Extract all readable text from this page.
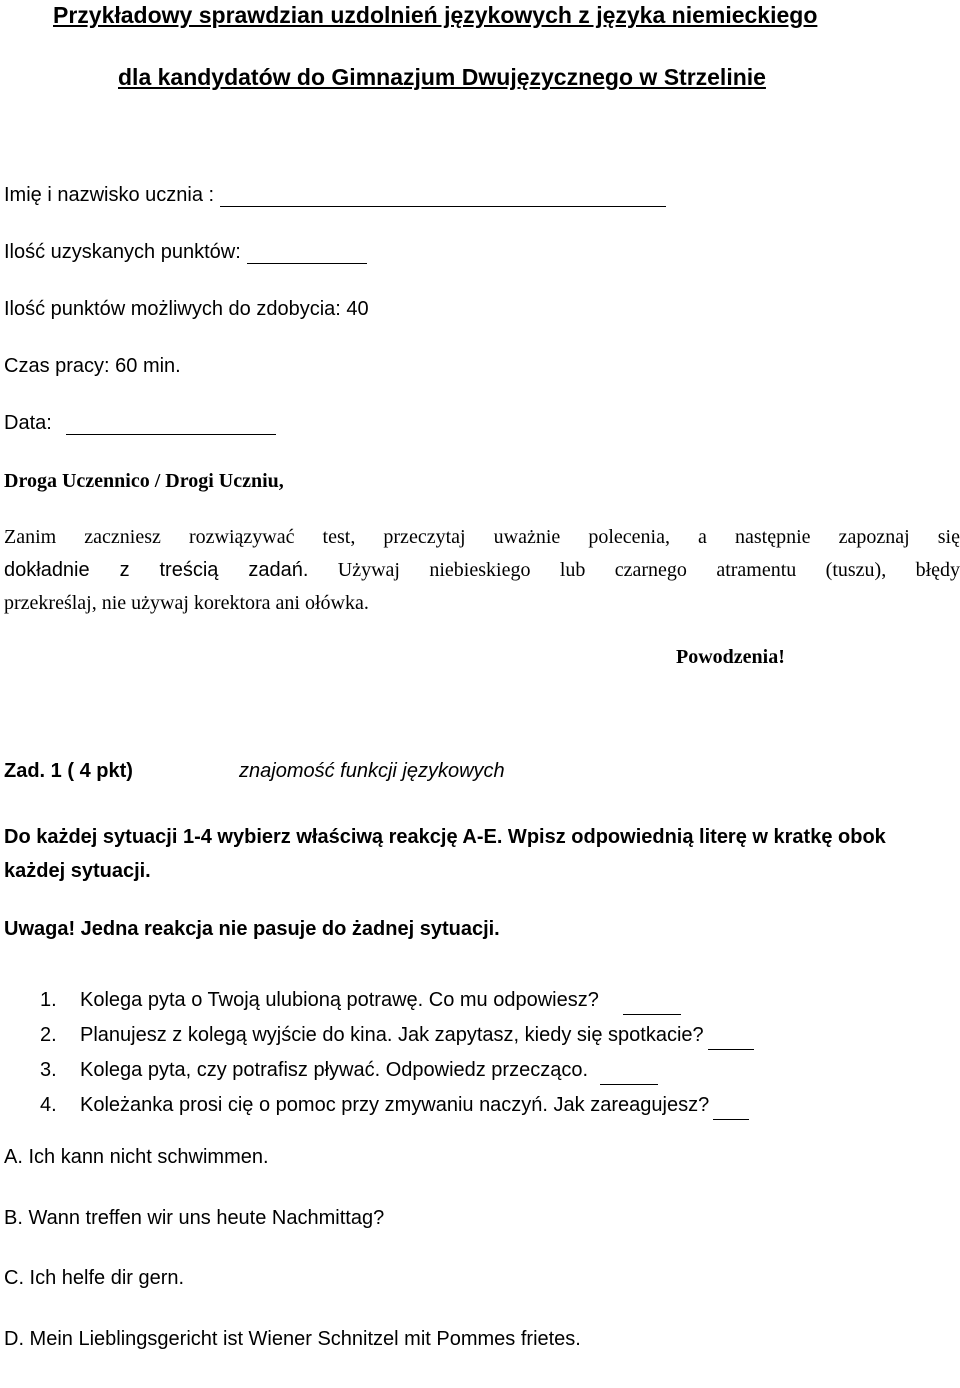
Przykładowy sprawdzian uzdolnień językowych z języka niemieckiego
dla kandydatów do Gimnazjum Dwujęzycznego w Strzelinie
Imię i nazwisko ucznia :
Ilość uzyskanych punktów:
Ilość punktów możliwych do zdobycia: 40
Czas pracy: 60 min.
Data:
Droga Uczennico / Drogi Uczniu,
Zanim zaczniesz rozwiązywać test, przeczytaj uważnie polecenia, a następnie zapoznaj się
dokładnie z treścią zadań. Używaj niebieskiego lub czarnego atramentu (tuszu), błędy
przekreślaj, nie używaj korektora ani ołówka.
Powodzenia!
Zad. 1 ( 4 pkt)	znajomość funkcji językowych
Do każdej sytuacji 1-4 wybierz właściwą reakcję A-E. Wpisz odpowiednią literę w kratkę obok każdej sytuacji.
Uwaga! Jedna reakcja nie pasuje do żadnej sytuacji.
1.	Kolega pyta o Twoją ulubioną potrawę. Co mu odpowiesz?
2.	Planujesz z kolegą wyjście do kina. Jak zapytasz, kiedy się spotkacie?
3.	Kolega pyta, czy potrafisz pływać. Odpowiedz przecząco.
4.	Koleżanka prosi cię o pomoc przy zmywaniu naczyń. Jak zareagujesz?
A. Ich kann nicht schwimmen.
B. Wann treffen wir uns heute Nachmittag?
C. Ich helfe dir gern.
D. Mein Lieblingsgericht ist Wiener Schnitzel mit Pommes frietes.
